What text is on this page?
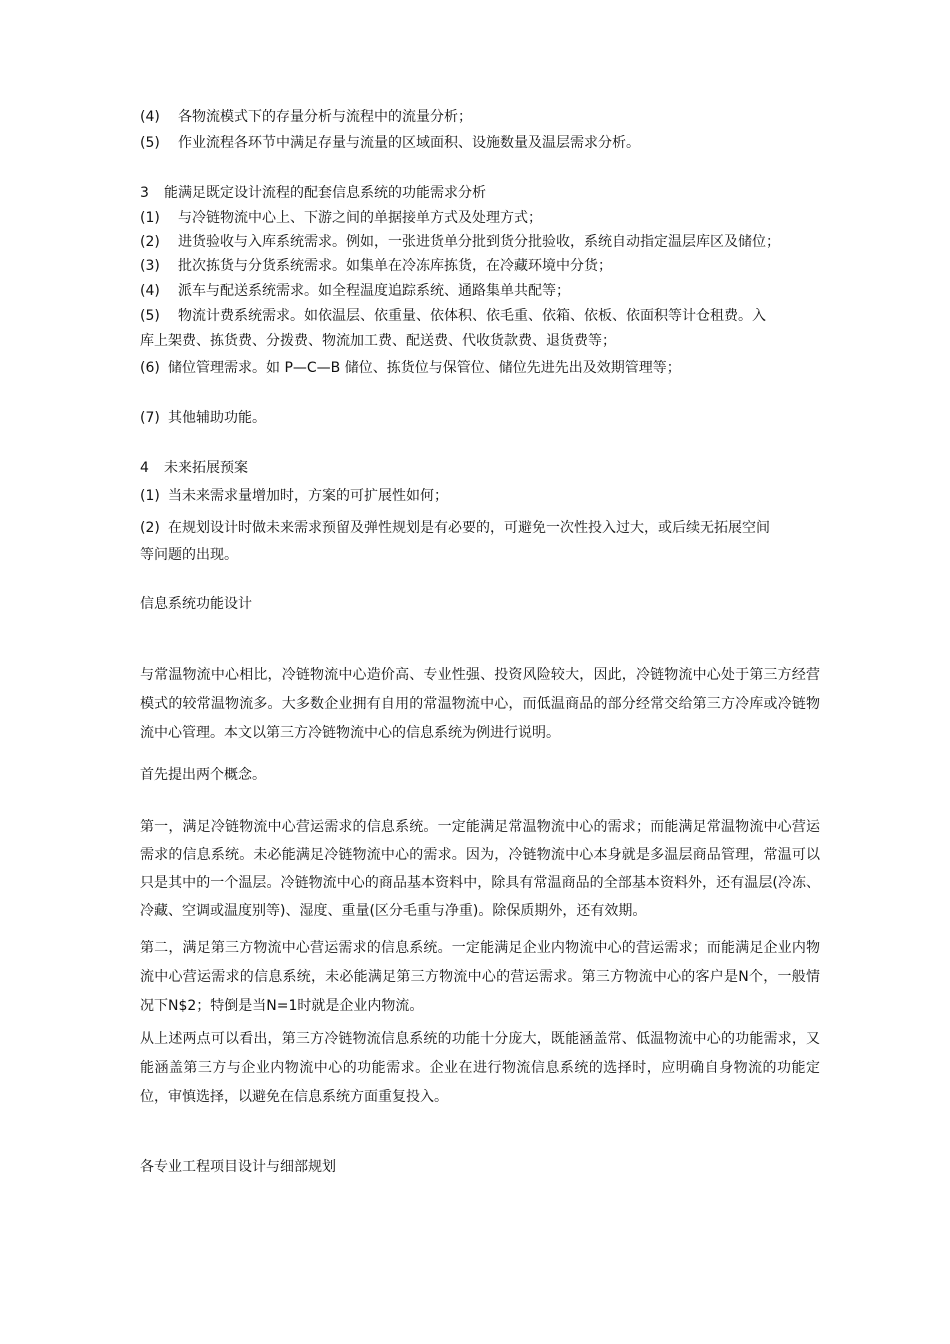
(4) 各物流模式下的存量分析与流程中的流量分析；
(5) 作业流程各环节中满足存量与流量的区域面积、设施数量及温层需求分析。
3 能满足既定设计流程的配套信息系统的功能需求分析
(1) 与冷链物流中心上、下游之间的单据接单方式及处理方式；
(2) 进货验收与入库系统需求。例如，一张进货单分批到货分批验收，系统自动指定温层库区及储位；
(3) 批次拣货与分货系统需求。如集单在冷冻库拣货，在冷藏环境中分货；
(4) 派车与配送系统需求。如全程温度追踪系统、通路集单共配等；
(5) 物流计费系统需求。如依温层、依重量、依体积、依毛重、依箱、依板、依面积等计仓租费。入
库上架费、拣货费、分拨费、物流加工费、配送费、代收货款费、退货费等；
(6) 储位管理需求。如 P—C—B 储位、拣货位与保管位、储位先进先出及效期管理等；
(7) 其他辅助功能。
4 未来拓展预案
(1) 当未来需求量增加时，方案的可扩展性如何；
(2) 在规划设计时做未来需求预留及弹性规划是有必要的，可避免一次性投入过大，或后续无拓展空间
等问题的出现。
信息系统功能设计
与常温物流中心相比，冷链物流中心造价高、专业性强、投资风险较大，因此，冷链物流中心处于第三方经营模式的较常温物流多。大多数企业拥有自用的常温物流中心，而低温商品的部分经常交给第三方冷库或冷链物流中心管理。本文以第三方冷链物流中心的信息系统为例进行说明。
首先提出两个概念。
第一，满足冷链物流中心营运需求的信息系统。一定能满足常温物流中心的需求；而能满足常温物流中心营运需求的信息系统。未必能满足冷链物流中心的需求。因为，冷链物流中心本身就是多温层商品管理，常温可以只是其中的一个温层。冷链物流中心的商品基本资料中，除具有常温商品的全部基本资料外，还有温层(冷冻、冷藏、空调或温度别等)、湿度、重量(区分毛重与净重)。除保质期外，还有效期。
第二，满足第三方物流中心营运需求的信息系统。一定能满足企业内物流中心的营运需求；而能满足企业内物流中心营运需求的信息系统，未必能满足第三方物流中心的营运需求。第三方物流中心的客户是N个，一般情况下N$2；特倒是当N=1时就是企业内物流。
从上述两点可以看出，第三方冷链物流信息系统的功能十分庞大，既能涵盖常、低温物流中心的功能需求，又能涵盖第三方与企业内物流中心的功能需求。企业在进行物流信息系统的选择时，应明确自身物流的功能定位，审慎选择，以避免在信息系统方面重复投入。
各专业工程项目设计与细部规划
